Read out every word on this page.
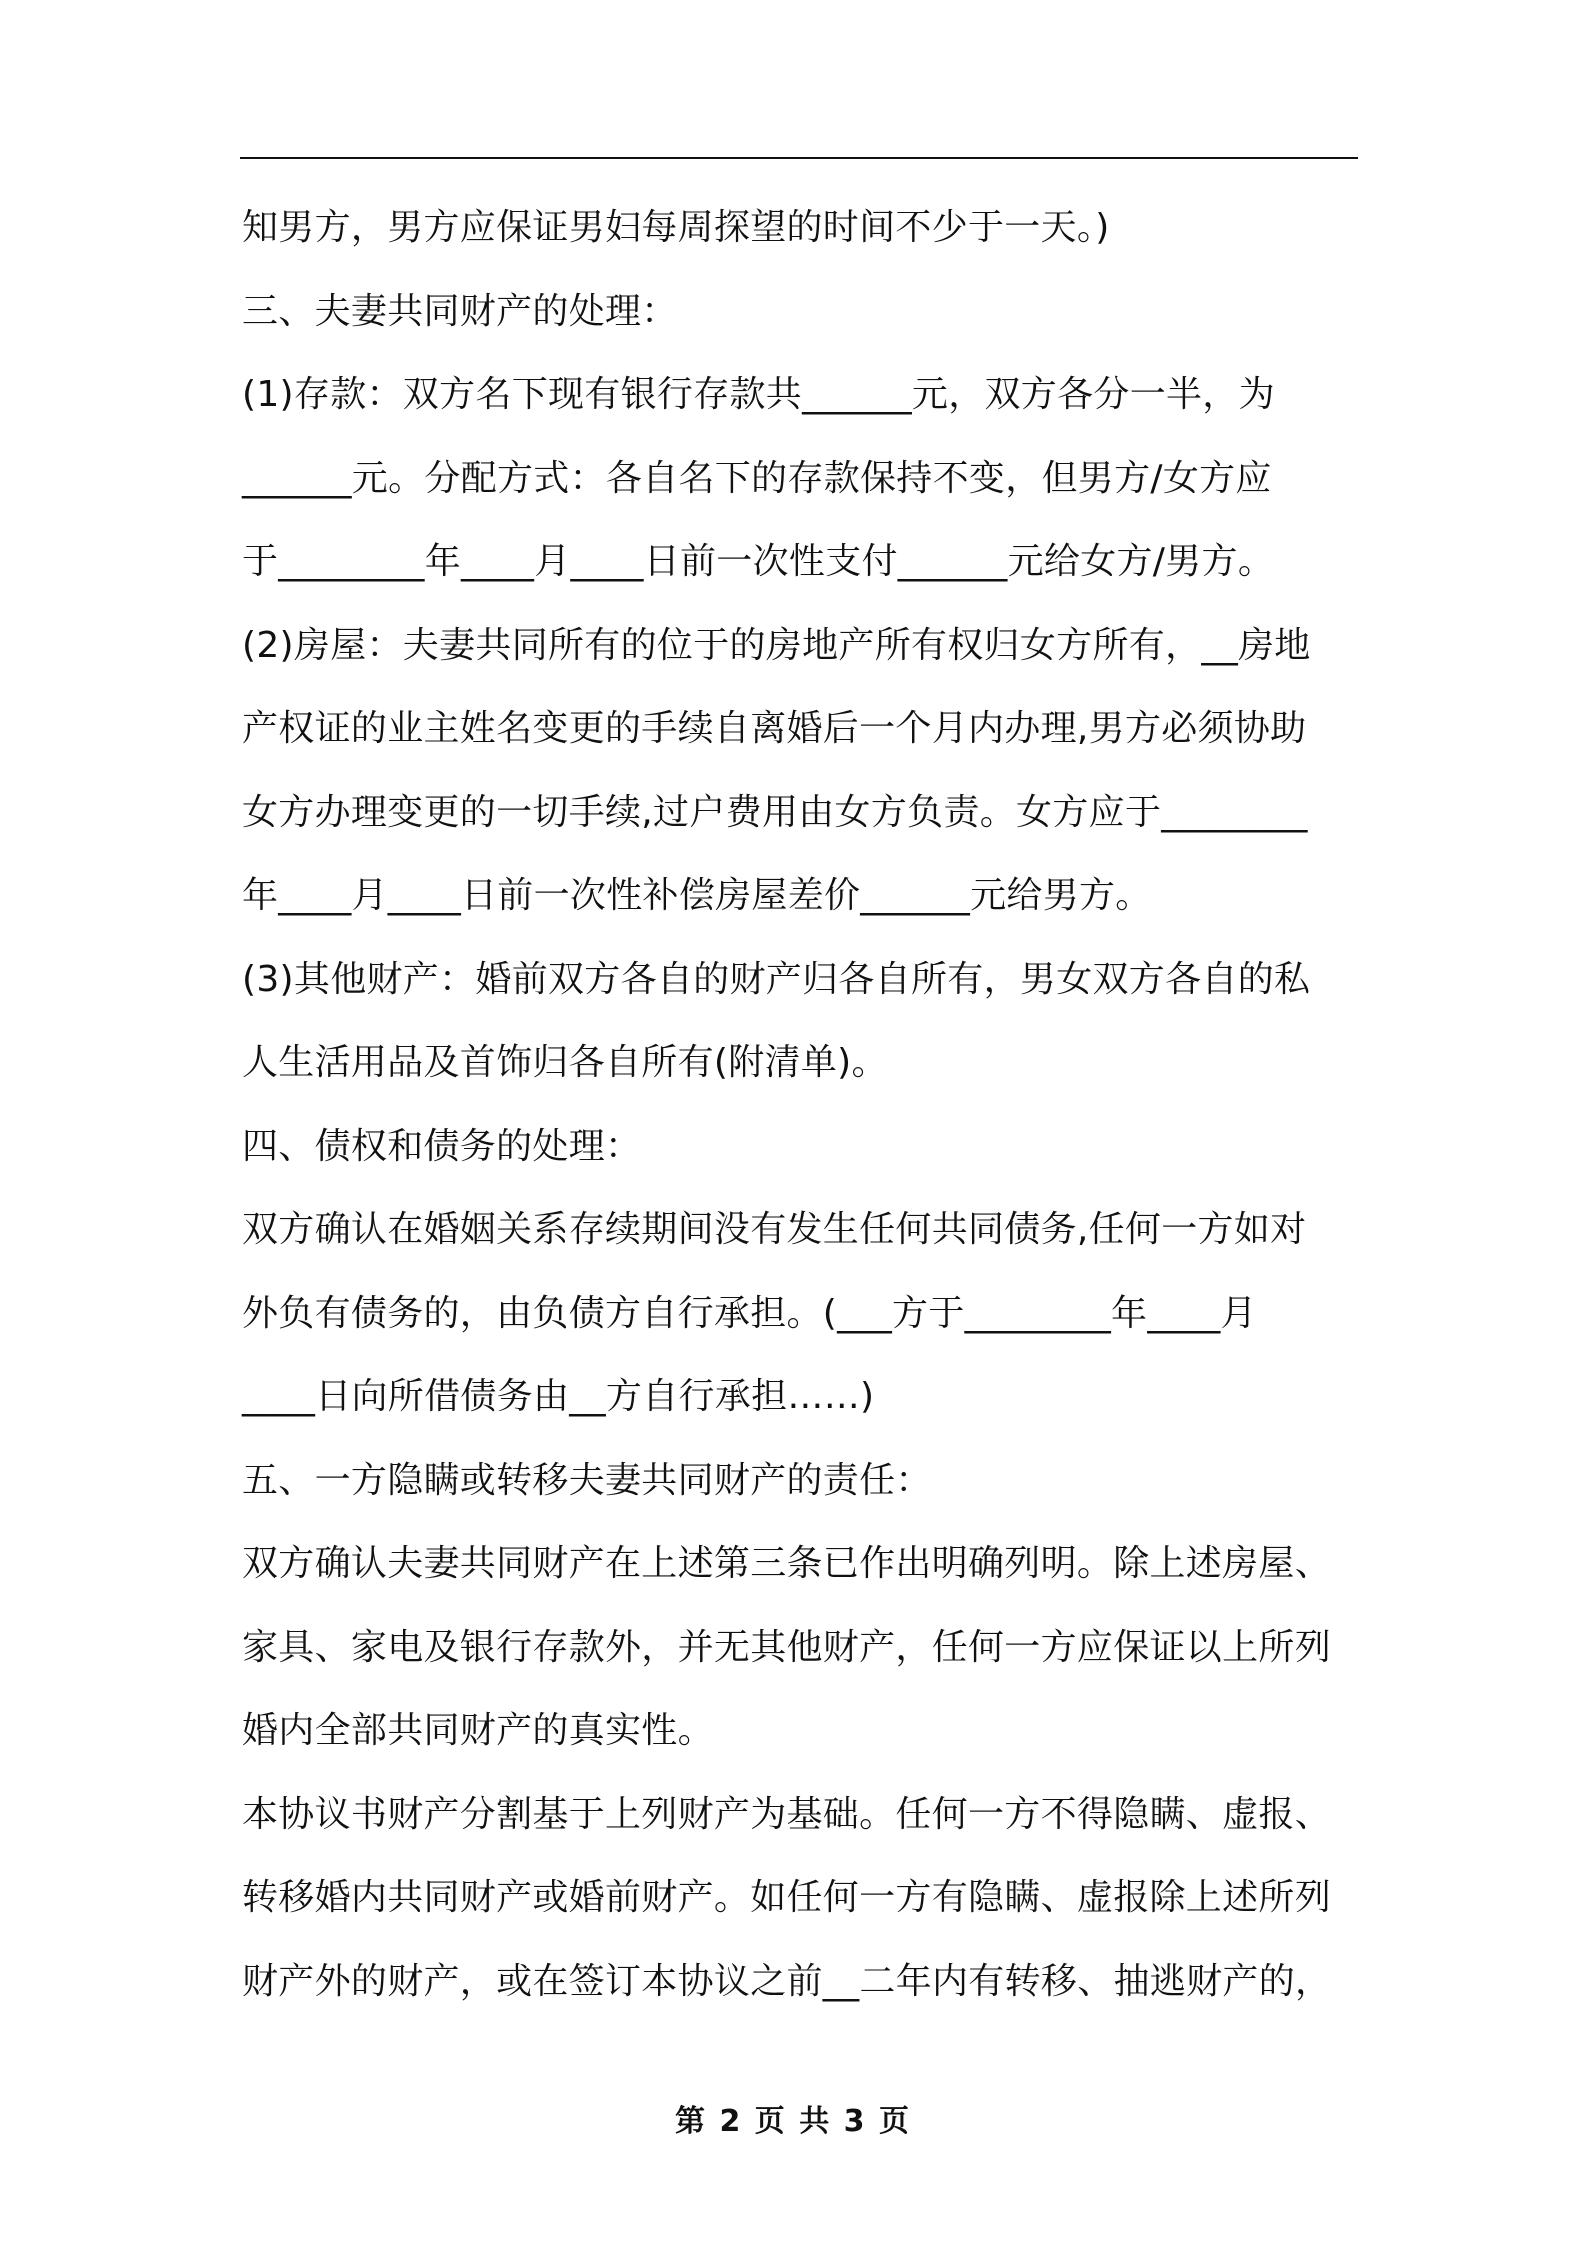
知男方，男方应保证男妇每周探望的时间不少于一天。)
三、夫妻共同财产的处理：
(1)存款：双方名下现有银行存款共______元，双方各分一半，为
______元。分配方式：各自名下的存款保持不变，但男方/女方应
于________年____月____日前一次性支付______元给女方/男方。
(2)房屋：夫妻共同所有的位于的房地产所有权归女方所有，__房地
产权证的业主姓名变更的手续自离婚后一个月内办理,男方必须协助
女方办理变更的一切手续,过户费用由女方负责。女方应于________
年____月____日前一次性补偿房屋差价______元给男方。
(3)其他财产：婚前双方各自的财产归各自所有，男女双方各自的私
人生活用品及首饰归各自所有(附清单)。
四、债权和债务的处理：
双方确认在婚姻关系存续期间没有发生任何共同债务,任何一方如对
外负有债务的，由负债方自行承担。(___方于________年____月
____日向所借债务由__方自行承担……)
五、一方隐瞒或转移夫妻共同财产的责任：
双方确认夫妻共同财产在上述第三条已作出明确列明。除上述房屋、
家具、家电及银行存款外，并无其他财产，任何一方应保证以上所列
婚内全部共同财产的真实性。
本协议书财产分割基于上列财产为基础。任何一方不得隐瞒、虚报、
转移婚内共同财产或婚前财产。如任何一方有隐瞒、虚报除上述所列
财产外的财产，或在签订本协议之前__二年内有转移、抽逃财产的，
第 2 页 共 3 页
